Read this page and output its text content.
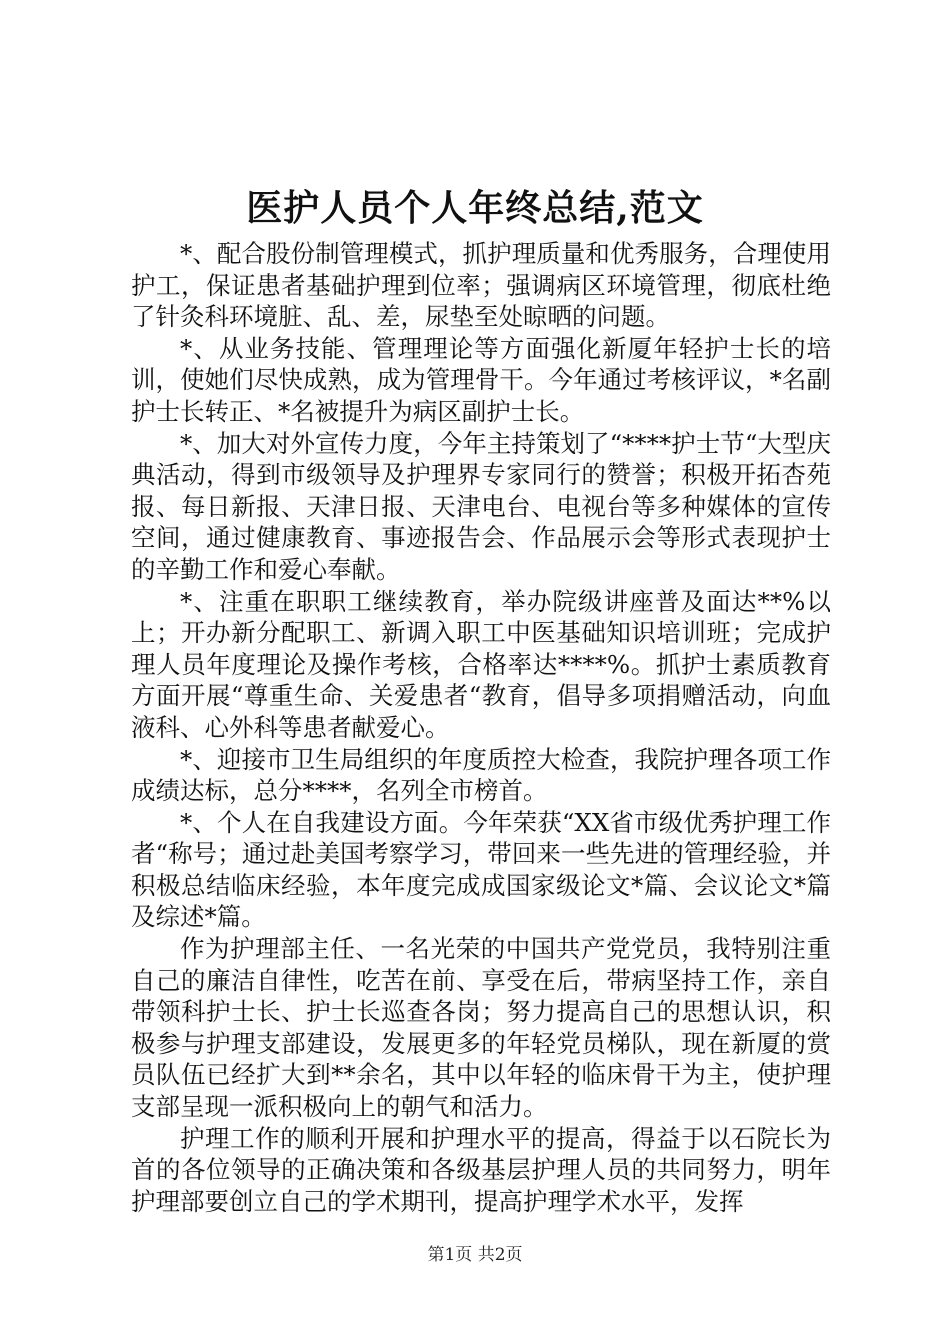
医护人员个人年终总结,范文

*、配合股份制管理模式，抓护理质量和优秀服务，合理使用护工，保证患者基础护理到位率；强调病区环境管理，彻底杜绝了针灸科环境脏、乱、差，尿垫至处晾晒的问题。

*、从业务技能、管理理论等方面强化新厦年轻护士长的培训，使她们尽快成熟，成为管理骨干。今年通过考核评议，*名副护士长转正、*名被提升为病区副护士长。

*、加大对外宣传力度，今年主持策划了“****护士节“大型庆典活动，得到市级领导及护理界专家同行的赞誉；积极开拓杏苑报、每日新报、天津日报、天津电台、电视台等多种媒体的宣传空间，通过健康教育、事迹报告会、作品展示会等形式表现护士的辛勤工作和爱心奉献。

*、注重在职职工继续教育，举办院级讲座普及面达**%以上；开办新分配职工、新调入职工中医基础知识培训班；完成护理人员年度理论及操作考核，合格率达****%。抓护士素质教育方面开展“尊重生命、关爱患者“教育，倡导多项捐赠活动，向血液科、心外科等患者献爱心。

*、迎接市卫生局组织的年度质控大检查，我院护理各项工作成绩达标，总分****，名列全市榜首。

*、个人在自我建设方面。今年荣获“XX省市级优秀护理工作者“称号；通过赴美国考察学习，带回来一些先进的管理经验，并积极总结临床经验，本年度完成成国家级论文*篇、会议论文*篇及综述*篇。

作为护理部主任、一名光荣的中国共产党党员，我特别注重自己的廉洁自律性，吃苦在前、享受在后，带病坚持工作，亲自带领科护士长、护士长巡查各岗；努力提高自己的思想认识，积极参与护理支部建设，发展更多的年轻党员梯队，现在新厦的赏员队伍已经扩大到**余名，其中以年轻的临床骨干为主，使护理支部呈现一派积极向上的朝气和活力。

护理工作的顺利开展和护理水平的提高，得益于以石院长为首的各位领导的正确决策和各级基层护理人员的共同努力，明年护理部要创立自己的学术期刊，提高护理学术水平，发挥

第1页 共2页
